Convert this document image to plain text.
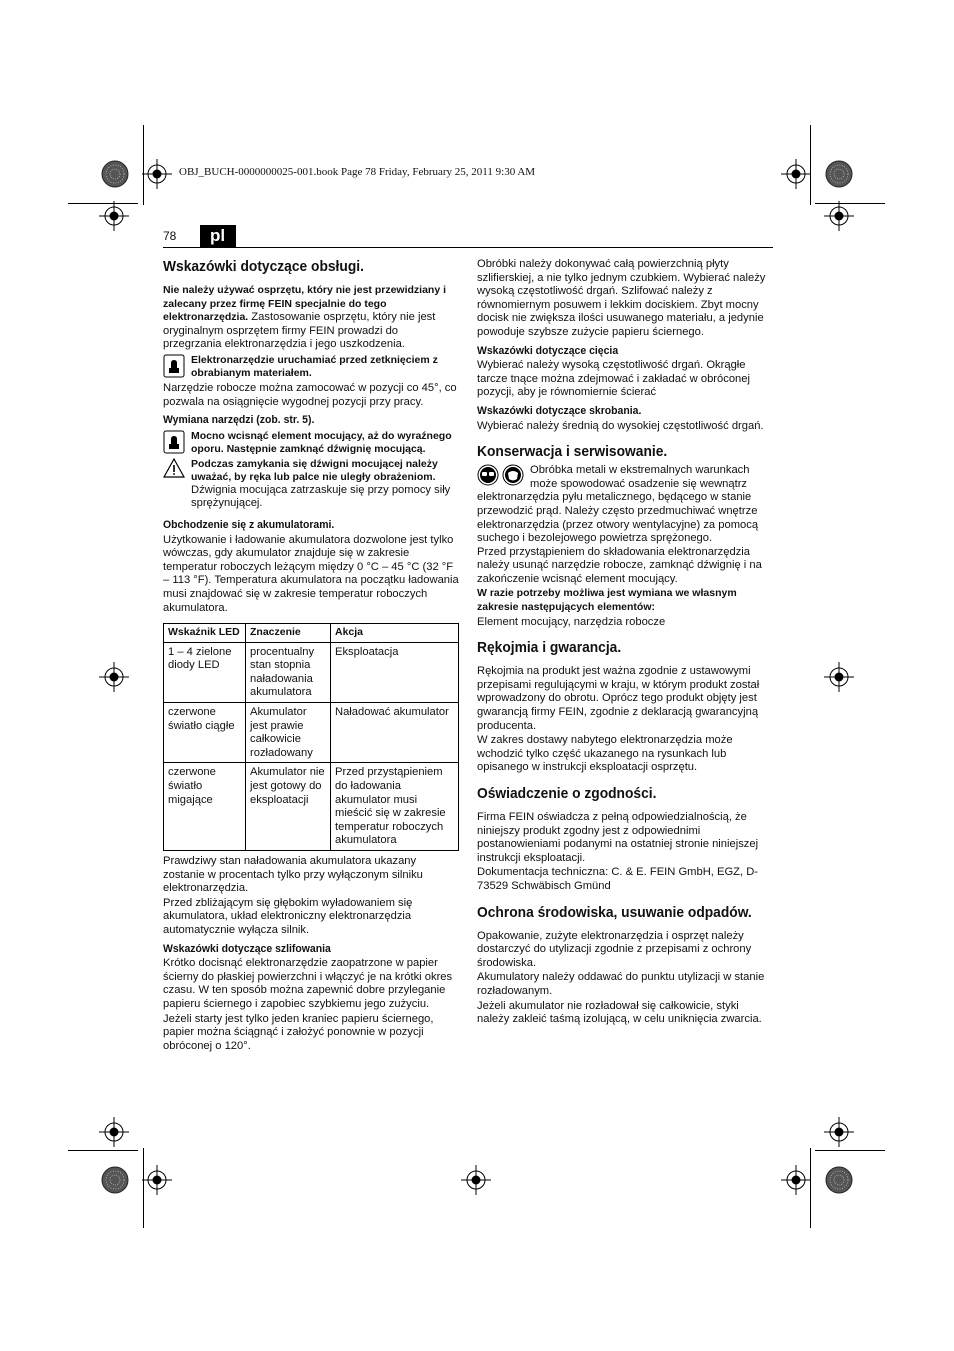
OBJ_BUCH-0000000025-001.book Page 78 Friday, February 25, 2011 9:30 AM
78	pl
Wskazówki dotyczące obsługi.

Nie należy używać osprzętu, który nie jest przewidziany i zalecany przez firmę FEIN specjalnie do tego elektronarzędzia. Zastosowanie osprzętu, który nie jest oryginalnym osprzętem firmy FEIN prowadzi do przegrzania elektronarzędzia i jego uszkodzenia.

Elektronarzędzie uruchamiać przed zetknięciem z obrabianym materiałem.

Narzędzie robocze można zamocować w pozycji co 45°, co pozwala na osiągnięcie wygodnej pozycji przy pracy.

Wymiana narzędzi (zob. str. 5).
Mocno wcisnąć element mocujący, aż do wyraźnego oporu. Następnie zamknąć dźwignię mocującą.
Podczas zamykania się dźwigni mocującej należy uważać, by ręka lub palce nie uległy obrażeniom.
Dźwignia mocująca zatrzaskuje się przy pomocy siły sprężynującej.
Obchodzenie się z akumulatorami.

Użytkowanie i ładowanie akumulatora dozwolone jest tylko wówczas, gdy akumulator znajduje się w zakresie temperatur roboczych leżącym między 0 °C – 45 °C (32 °F – 113 °F). Temperatura akumulatora na początku ładowania musi znajdować się w zakresie temperatur roboczych akumulatora.

Wskaźnik LED	Znaczenie	Akcja
1 – 4 zielone diody LED	procentualny stan stopnia naładowania akumulatora	Eksploatacja
czerwone światło ciągłe	Akumulator jest prawie całkowicie rozładowany	Naładować akumulator
czerwone światło migające	Akumulator nie jest gotowy do eksploatacji	Przed przystąpieniem do ładowania akumulator musi mieścić się w zakresie temperatur roboczych akumulatora

Prawdziwy stan naładowania akumulatora ukazany zostanie w procentach tylko przy wyłączonym silniku elektronarzędzia.

Przed zbliżającym się głębokim wyładowaniem się akumulatora, układ elektroniczny elektronarzędzia automatycznie wyłącza silnik.

Wskazówki dotyczące szlifowania

Krótko docisnąć elektronarzędzie zaopatrzone w papier ścierny do płaskiej powierzchni i włączyć je na krótki okres czasu. W ten sposób można zapewnić dobre przyleganie papieru ściernego i zapobiec szybkiemu jego zużyciu.

Jeżeli starty jest tylko jeden kraniec papieru ściernego, papier można ściągnąć i założyć ponownie w pozycji obróconej o 120°.

Obróbki należy dokonywać całą powierzchnią płyty szlifierskiej, a nie tylko jednym czubkiem. Wybierać należy wysoką częstotliwość drgań. Szlifować należy z równomiernym posuwem i lekkim dociskiem. Zbyt mocny docisk nie zwiększa ilości usuwanego materiału, a jedynie powoduje szybsze zużycie papieru ściernego.

Wskazówki dotyczące cięcia

Wybierać należy wysoką częstotliwość drgań. Okrągłe tarcze tnące można zdejmować i zakładać w obróconej pozycji, aby je równomiernie ścierać

Wskazówki dotyczące skrobania.

Wybierać należy średnią do wysokiej częstotliwość drgań.

Konserwacja i serwisowanie.
Obróbka metali w ekstremalnych warunkach może spowodować osadzenie się wewnątrz elektronarzędzia pyłu metalicznego, będącego w stanie przewodzić prąd. Należy często przedmuchiwać wnętrze elektronarzędzia (przez otwory wentylacyjne) za pomocą suchego i bezolejowego powietrza sprężonego.

Przed przystąpieniem do składowania elektronarzędzia należy usunąć narzędzie robocze, zamknąć dźwignię i na zakończenie wcisnąć element mocujący.

W razie potrzeby możliwa jest wymiana we własnym zakresie następujących elementów:

Element mocujący, narzędzia robocze

Rękojmia i gwarancja.

Rękojmia na produkt jest ważna zgodnie z ustawowymi przepisami regulującymi w kraju, w którym produkt został wprowadzony do obrotu. Oprócz tego produkt objęty jest gwarancją firmy FEIN, zgodnie z deklaracją gwarancyjną producenta.

W zakres dostawy nabytego elektronarzędzia może wchodzić tylko część ukazanego na rysunkach lub opisanego w instrukcji eksploatacji osprzętu.

Oświadczenie o zgodności.

Firma FEIN oświadcza z pełną odpowiedzialnością, że niniejszy produkt zgodny jest z odpowiednimi postanowieniami podanymi na ostatniej stronie niniejszej instrukcji eksploatacji.

Dokumentacja techniczna: C. & E. FEIN GmbH, EGZ, D-73529 Schwäbisch Gmünd

Ochrona środowiska, usuwanie odpadów.

Opakowanie, zużyte elektronarzędzia i osprzęt należy dostarczyć do utylizacji zgodnie z przepisami z ochrony środowiska.

Akumulatory należy oddawać do punktu utylizacji w stanie rozładowanym.

Jeżeli akumulator nie rozładował się całkowicie, styki należy zakleić taśmą izolującą, w celu uniknięcia zwarcia.
